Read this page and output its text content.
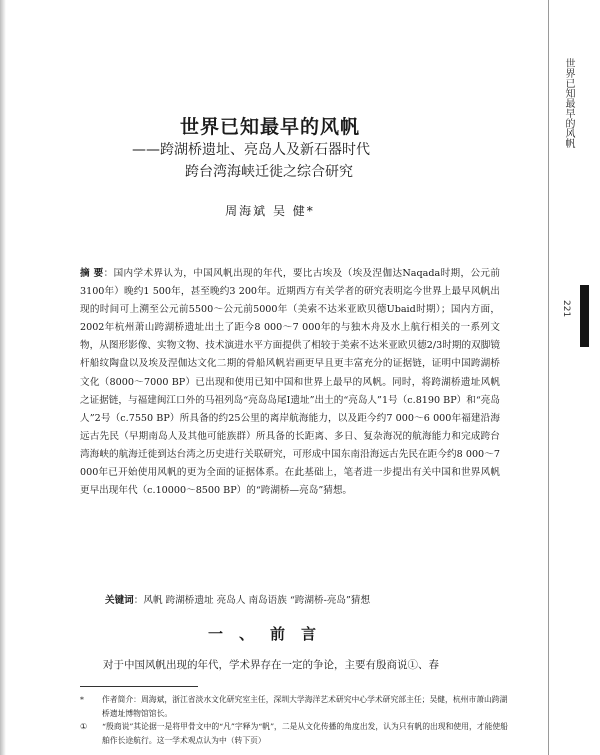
世界已知最早的风帆
221
世界已知最早的风帆
——跨湖桥遗址、亮岛人及新石器时代
跨台湾海峡迁徙之综合研究
周海斌 吴 健*

摘 要：国内学术界认为，中国风帆出现的年代，要比古埃及（埃及涅伽达Naqada时期，公元前3100年）晚约1 500年，甚至晚约3 200年。近期西方有关学者的研究表明迄今世界上最早风帆出现的时间可上溯至公元前5500～公元前5000年（美索不达米亚欧贝德Ubaid时期）；国内方面，2002年杭州萧山跨湖桥遗址出土了距今8 000～7 000年的与独木舟及水上航行相关的一系列文物，从图形影像、实物文物、技术演进水平方面提供了相较于美索不达米亚欧贝德2/3时期的双脚镜杆船纹陶盘以及埃及涅伽达文化二期的骨船风帆岩画更早且更丰富充分的证据链，证明中国跨湖桥文化（8000～7000 BP）已出现和使用已知中国和世界上最早的风帆。同时，将跨湖桥遗址风帆之证据链，与福建闽江口外的马祖列岛“亮岛岛尾Ⅰ遗址”出土的“亮岛人”1号（c.8190 BP）和“亮岛人”2号（c.7550 BP）所具备的约25公里的离岸航海能力，以及距今约7 000～6 000年福建沿海远古先民（早期南岛人及其他可能族群）所具备的长距离、多日、复杂海况的航海能力和完成跨台湾海峡的航海迁徙到达台湾之历史进行关联研究，可形成中国东南沿海远古先民在距今约8 000～7 000年已开始使用风帆的更为全面的证据体系。在此基础上，笔者进一步提出有关中国和世界风帆更早出现年代（c.10000～8500 BP）的“跨湖桥—亮岛”猜想。

关键词：风帆 跨湖桥遗址 亮岛人 南岛语族 “跨湖桥-亮岛”猜想
一、前言
对于中国风帆出现的年代，学术界存在一定的争论，主要有殷商说①、春
*	作者简介：周海斌，浙江省淡水文化研究室主任，深圳大学海洋艺术研究中心学术研究部主任；吴健，杭州市萧山跨湖桥遗址博物馆馆长。
①	“殷商说”其论据一是将甲骨文中的“凡”字释为“帆”，二是从文化传播的角度出发，认为只有帆的出现和使用，才能使船舶作长途航行。这一学术观点认为中（转下页）
